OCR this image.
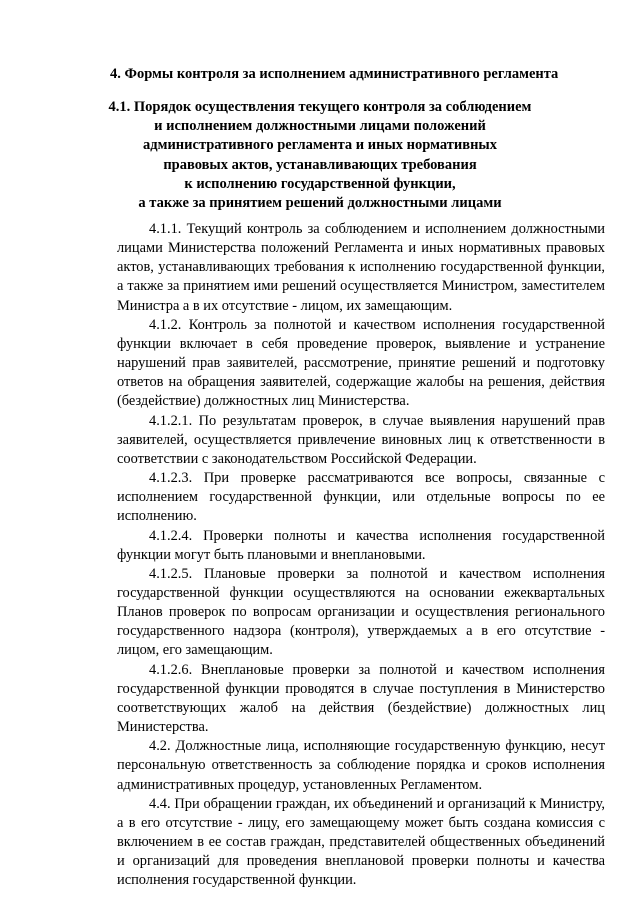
4. Формы контроля за исполнением административного регламента
4.1. Порядок осуществления текущего контроля за соблюдением
и исполнением должностными лицами положений
административного регламента и иных нормативных
правовых актов, устанавливающих требования
к исполнению государственной функции,
а также за принятием решений должностными лицами

4.1.1. Текущий контроль за соблюдением и исполнением должностными лицами Министерства положений Регламента и иных нормативных правовых актов, устанавливающих требования к исполнению государственной функции, а также за принятием ими решений осуществляется Министром, заместителем Министра а в их отсутствие - лицом, их замещающим.

4.1.2. Контроль за полнотой и качеством исполнения государственной функции включает в себя проведение проверок, выявление и устранение нарушений прав заявителей, рассмотрение, принятие решений и подготовку ответов на обращения заявителей, содержащие жалобы на решения, действия (бездействие) должностных лиц Министерства.

4.1.2.1. По результатам проверок, в случае выявления нарушений прав заявителей, осуществляется привлечение виновных лиц к ответственности в соответствии с законодательством Российской Федерации.

4.1.2.3. При проверке рассматриваются все вопросы, связанные с исполнением государственной функции, или отдельные вопросы по ее исполнению.

4.1.2.4. Проверки полноты и качества исполнения государственной функции могут быть плановыми и внеплановыми.

4.1.2.5. Плановые проверки за полнотой и качеством исполнения государственной функции осуществляются на основании ежеквартальных Планов проверок по вопросам организации и осуществления регионального государственного надзора (контроля), утверждаемых а в его отсутствие - лицом, его замещающим.

4.1.2.6. Внеплановые проверки за полнотой и качеством исполнения государственной функции проводятся в случае поступления в Министерство соответствующих жалоб на действия (бездействие) должностных лиц Министерства.

4.2. Должностные лица, исполняющие государственную функцию, несут персональную ответственность за соблюдение порядка и сроков исполнения административных процедур, установленных Регламентом.

4.4. При обращении граждан, их объединений и организаций к Министру, а в его отсутствие - лицу, его замещающему может быть создана комиссия с включением в ее состав граждан, представителей общественных объединений и организаций для проведения внеплановой проверки полноты и качества исполнения государственной функции.
